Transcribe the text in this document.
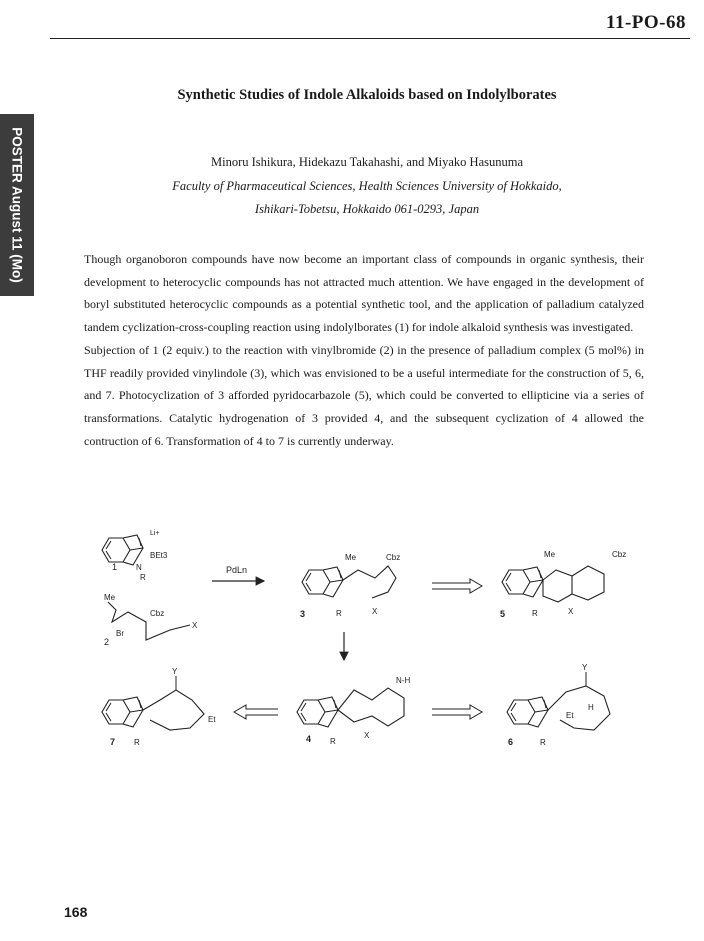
11-PO-68
POSTER August 11 (Mo)
Synthetic Studies of Indole Alkaloids based on Indolylborates
Minoru Ishikura, Hidekazu Takahashi, and Miyako Hasunuma
Faculty of Pharmaceutical Sciences, Health Sciences University of Hokkaido,
Ishikari-Tobetsu, Hokkaido 061-0293, Japan

Though organoboron compounds have now become an important class of compounds in organic synthesis, their development to heterocyclic compounds has not attracted much attention. We have engaged in the development of boryl substituted heterocyclic compounds as a potential synthetic tool, and the application of palladium catalyzed tandem cyclization-cross-coupling reaction using indolylborates (1) for indole alkaloid synthesis was investigated.

Subjection of 1 (2 equiv.) to the reaction with vinylbromide (2) in the presence of palladium complex (5 mol%) in THF readily provided vinylindole (3), which was envisioned to be a useful intermediate for the construction of 5, 6, and 7. Photocyclization of 3 afforded pyridocarbazole (5), which could be converted to ellipticine via a series of transformations. Catalytic hydrogenation of 3 provided 4, and the subsequent cyclization of 4 allowed the contruction of 6. Transformation of 4 to 7 is currently underway.

Li+
BEt3
N
R
1
Me
Br
Cbz
X
2
PdLn
Me	Cbz
X
R
3
Me	Cbz
X
R
5
N-H
X
R
4
Y
Et
R
7
Y
Et
H
R
6
168
